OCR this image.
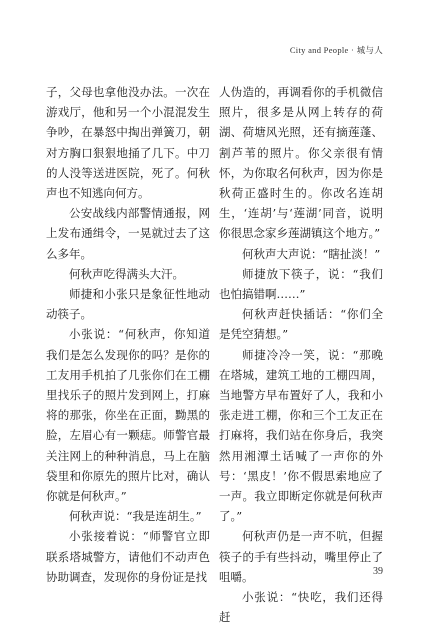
City and People · 城与人

子，父母也拿他没办法。一次在游戏厅，他和另一个小混混发生争吵，在暴怒中掏出弹簧刀，朝对方胸口狠狠地捅了几下。中刀的人没等送进医院，死了。何秋声也不知逃向何方。

公安战线内部警情通报，网上发布通缉令，一晃就过去了这么多年。

何秋声吃得满头大汗。

师捷和小张只是象征性地动动筷子。

小张说：“何秋声，你知道我们是怎么发现你的吗？是你的工友用手机拍了几张你们在工棚里找乐子的照片发到网上，打麻将的那张，你坐在正面，黝黑的脸，左眉心有一颗痣。师警官最关注网上的种种消息，马上在脑袋里和你原先的照片比对，确认你就是何秋声。”

何秋声说：“我是连胡生。”

小张接着说：“师警官立即联系塔城警方，请他们不动声色协助调查，发现你的身份证是找

人伪造的，再调看你的手机微信照片，很多是从网上转存的荷湖、荷塘风光照，还有摘莲蓬、割芦苇的照片。你父亲很有情怀，为你取名何秋声，因为你是秋荷正盛时生的。你改名连胡生，‘连胡’与‘莲湖’同音，说明你很思念家乡莲湖镇这个地方。”

何秋声大声说：“瞎扯淡！”

师捷放下筷子，说：“我们也怕搞错啊……”

何秋声赶快插话：“你们全是凭空猜想。”

师捷冷冷一笑，说：“那晚在塔城，建筑工地的工棚四周，当地警方早布置好了人，我和小张走进工棚，你和三个工友正在打麻将，我们站在你身后，我突然用湘潭土话喊了一声你的外号：‘黑皮！’你不假思索地应了一声。我立即断定你就是何秋声了。”

何秋声仍是一声不吭，但握筷子的手有些抖动，嘴里停止了咀嚼。

小张说：“快吃，我们还得赶

39
